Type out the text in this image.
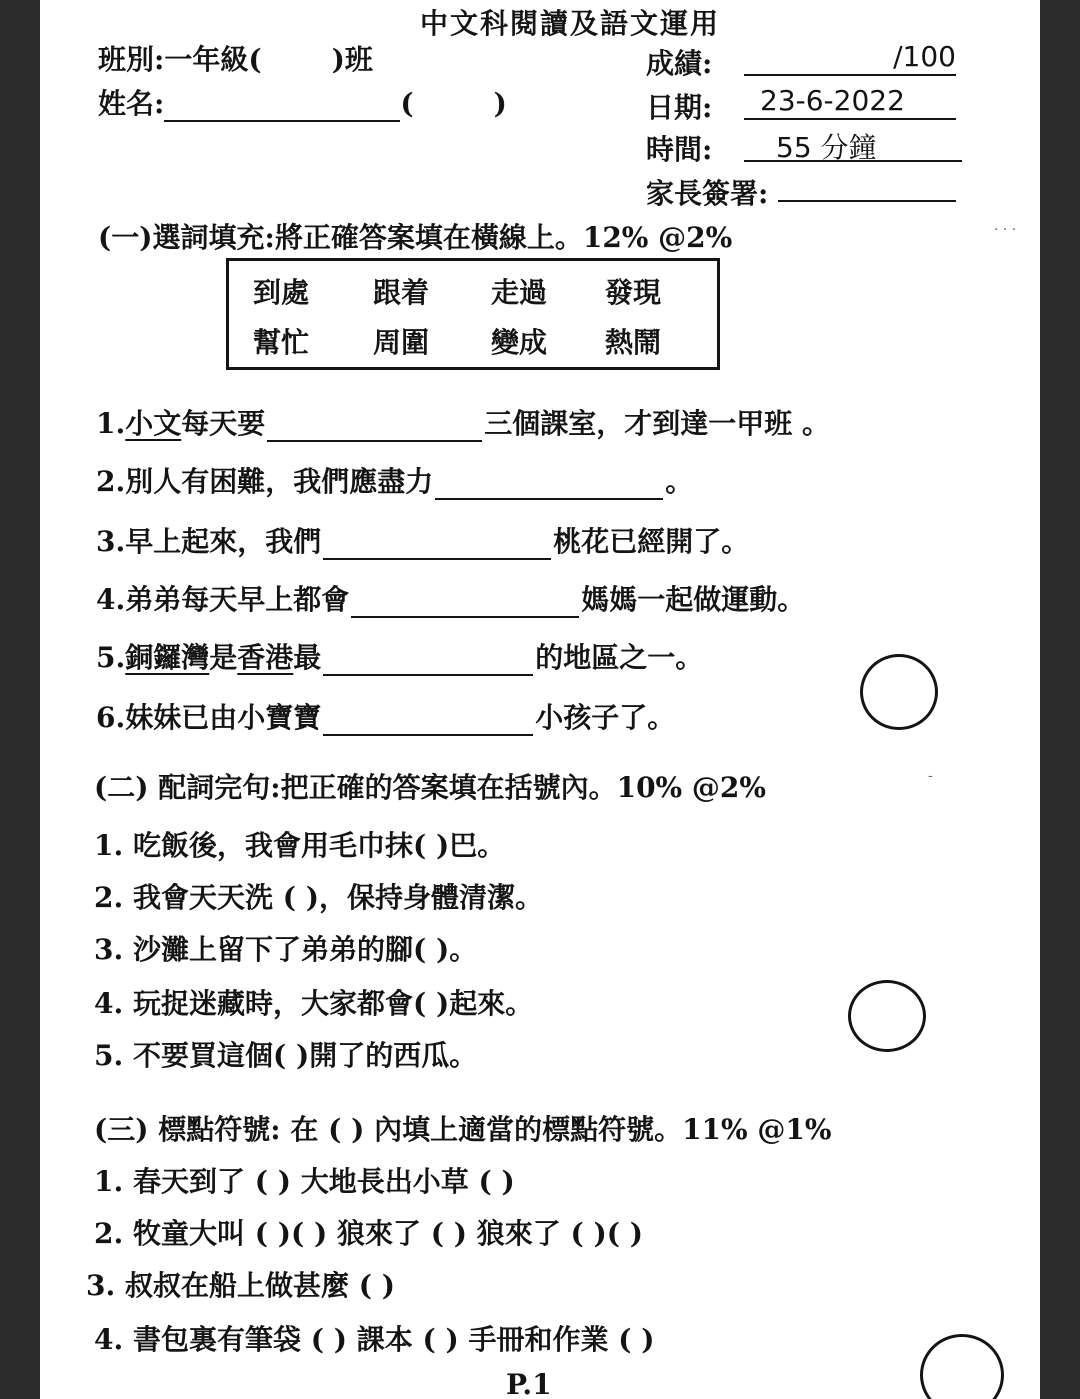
中文科閱讀及語文運用
班別:一年級(	)班
姓名:	(	)
成績:	/100
日期: 23-6-2022
時間: 55 分鐘
家長簽署:
(一)選詞填充:將正確答案填在橫線上。12% @2%
到處 跟着 走過 發現
幫忙 周圍 變成 熱鬧
1.小文每天要	三個課室，才到達一甲班 。
2.別人有困難，我們應盡力	。
3.早上起來，我們	桃花已經開了。
4.弟弟每天早上都會	媽媽一起做運動。
5.銅鑼灣是香港最	的地區之一。
6.妹妹已由小寶寶	小孩子了。
(二) 配詞完句:把正確的答案填在括號內。10% @2%
1. 吃飯後，我會用毛巾抹( )巴。
2. 我會天天洗 ( )，保持身體清潔。
3. 沙灘上留下了弟弟的腳( )。
4. 玩捉迷藏時，大家都會( )起來。
5. 不要買這個( )開了的西瓜。
(三) 標點符號: 在 ( ) 內填上適當的標點符號。11% @1%
1. 春天到了 ( ) 大地長出小草 ( )
2. 牧童大叫 ( )( ) 狼來了 ( ) 狼來了 ( )( )
3. 叔叔在船上做甚麼 ( )
4. 書包裏有筆袋 ( ) 課本 ( ) 手冊和作業 ( )
P.1
· · ·
-
